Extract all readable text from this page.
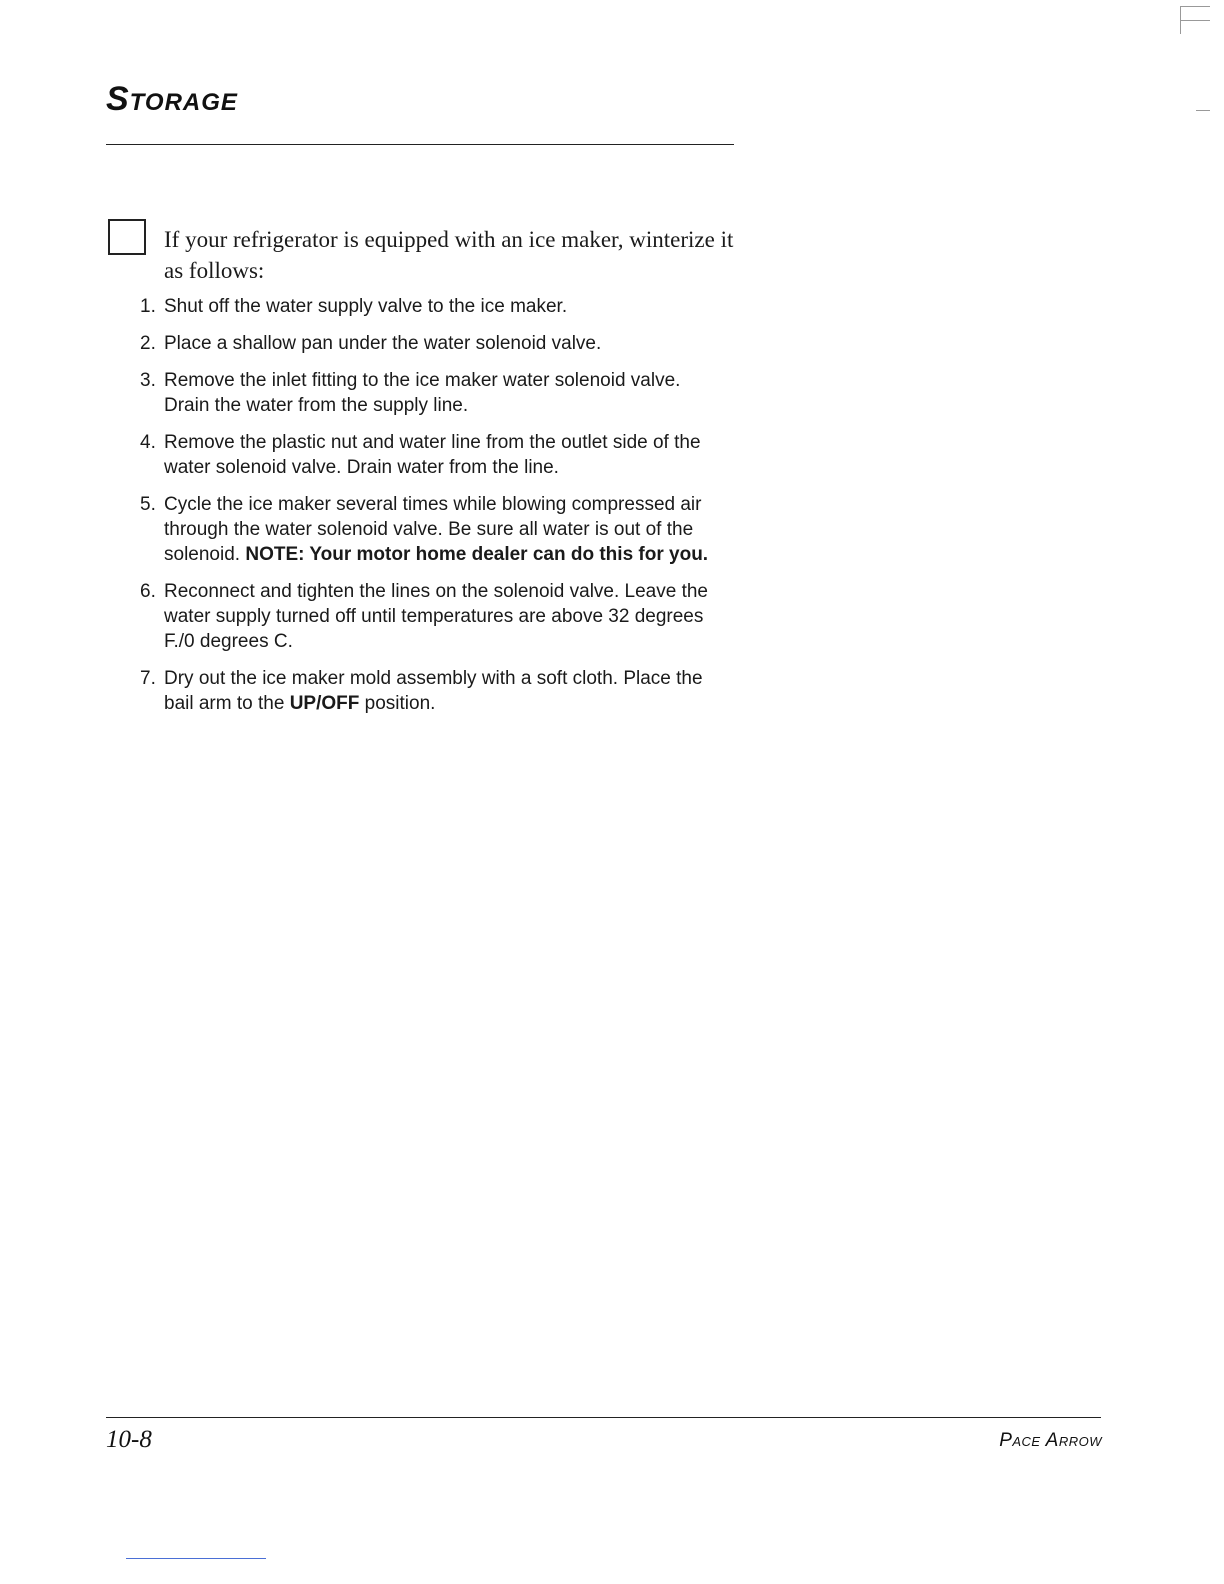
Storage

If your refrigerator is equipped with an ice maker, winterize it as follows:

1. Shut off the water supply valve to the ice maker.
2. Place a shallow pan under the water solenoid valve.
3. Remove the inlet fitting to the ice maker water solenoid valve. Drain the water from the supply line.
4. Remove the plastic nut and water line from the outlet side of the water solenoid valve. Drain water from the line.
5. Cycle the ice maker several times while blowing compressed air through the water solenoid valve. Be sure all water is out of the solenoid. NOTE: Your motor home dealer can do this for you.
6. Reconnect and tighten the lines on the solenoid valve. Leave the water supply turned off until temperatures are above 32 degrees F./0 degrees C.
7. Dry out the ice maker mold assembly with a soft cloth. Place the bail arm to the UP/OFF position.
10-8	Pace Arrow
